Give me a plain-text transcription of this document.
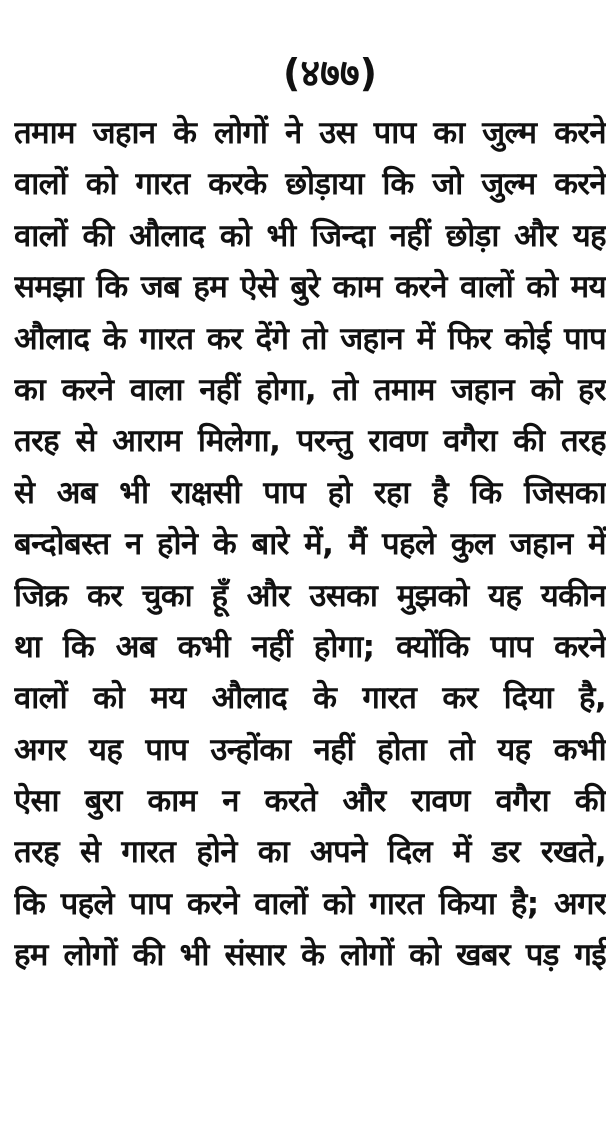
(४७७)
तमाम जहान के लोगों ने उस पाप का जुल्म करने
वालों को गारत करके छोड़ाया कि जो जुल्म करने
वालों की औलाद को भी जिन्दा नहीं छोड़ा और यह
समझा कि जब हम ऐसे बुरे काम करने वालों को मय
औलाद के गारत कर देंगे तो जहान में फिर कोई पाप
का करने वाला नहीं होगा, तो तमाम जहान को हर
तरह से आराम मिलेगा, परन्तु रावण वगैरा की तरह
से अब भी राक्षसी पाप हो रहा है कि जिसका
बन्दोबस्त न होने के बारे में, मैं पहले कुल जहान में
जिक्र कर चुका हूँ और उसका मुझको यह यकीन
था कि अब कभी नहीं होगा; क्योंकि पाप करने
वालों को मय औलाद के गारत कर दिया है,
अगर यह पाप उन्होंका नहीं होता तो यह कभी
ऐसा बुरा काम न करते और रावण वगैरा की
तरह से गारत होने का अपने दिल में डर रखते,
कि पहले पाप करने वालों को गारत किया है; अगर
हम लोगों की भी संसार के लोगों को खबर पड़ गई
